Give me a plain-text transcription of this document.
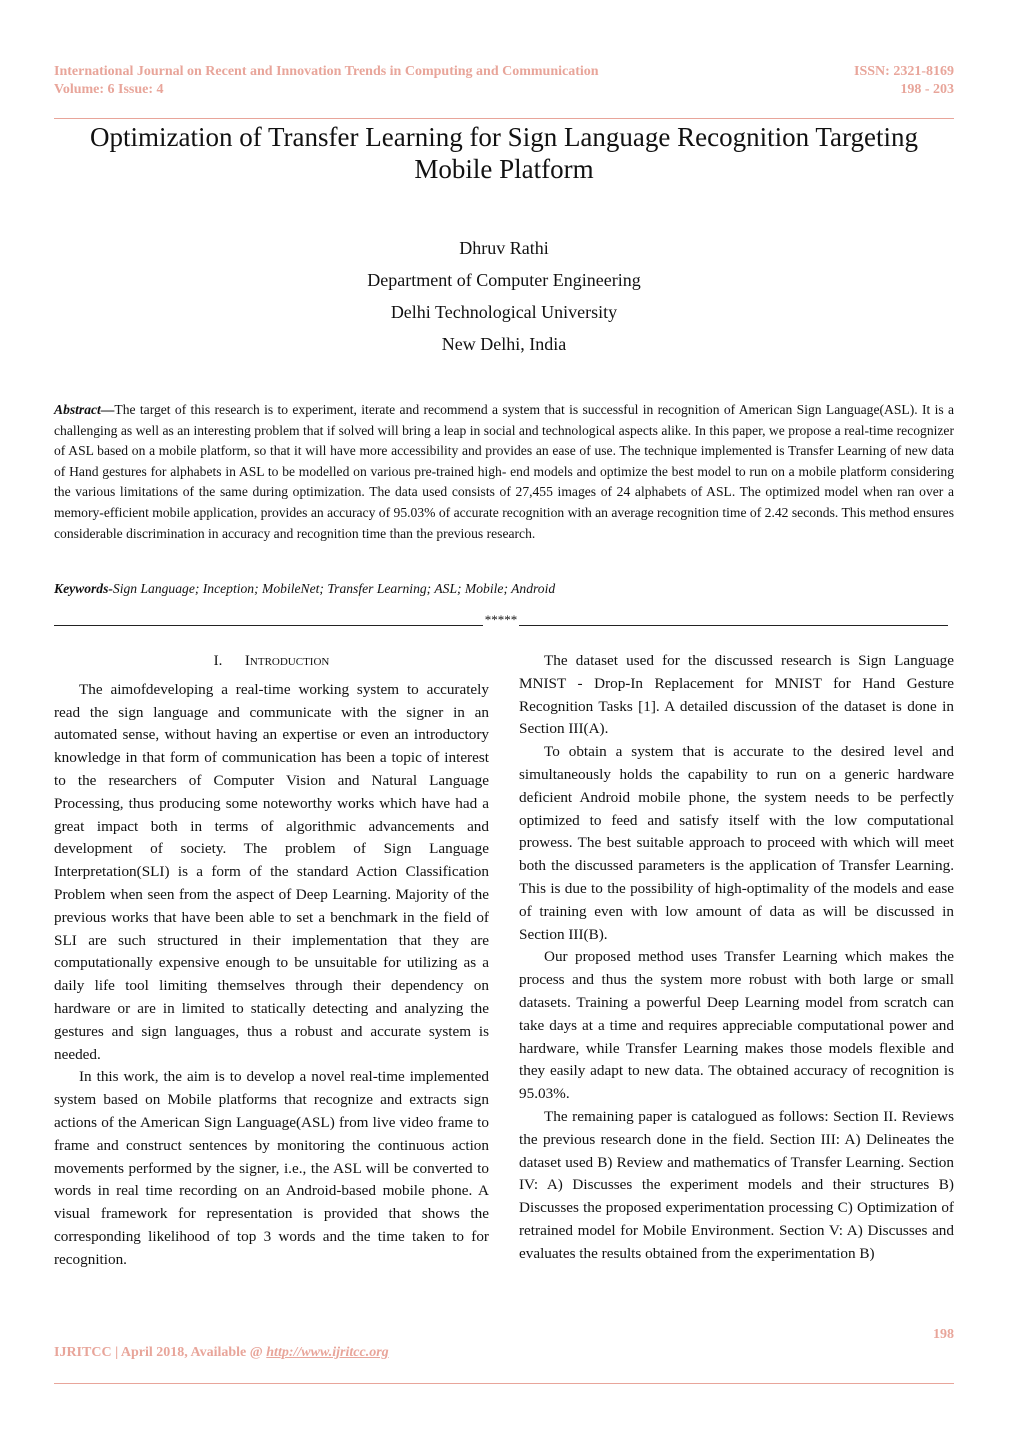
International Journal on Recent and Innovation Trends in Computing and Communication	ISSN: 2321-8169
Volume: 6 Issue: 4	198 - 203
Optimization of Transfer Learning for Sign Language Recognition Targeting Mobile Platform
Dhruv Rathi
Department of Computer Engineering
Delhi Technological University
New Delhi, India
Abstract—The target of this research is to experiment, iterate and recommend a system that is successful in recognition of American Sign Language(ASL). It is a challenging as well as an interesting problem that if solved will bring a leap in social and technological aspects alike. In this paper, we propose a real-time recognizer of ASL based on a mobile platform, so that it will have more accessibility and provides an ease of use. The technique implemented is Transfer Learning of new data of Hand gestures for alphabets in ASL to be modelled on various pre-trained high- end models and optimize the best model to run on a mobile platform considering the various limitations of the same during optimization. The data used consists of 27,455 images of 24 alphabets of ASL. The optimized model when ran over a memory-efficient mobile application, provides an accuracy of 95.03% of accurate recognition with an average recognition time of 2.42 seconds. This method ensures considerable discrimination in accuracy and recognition time than the previous research.
Keywords-Sign Language; Inception; MobileNet; Transfer Learning; ASL; Mobile; Android
*****

I. Introduction

The aimofdeveloping a real-time working system to accurately read the sign language and communicate with the signer in an automated sense, without having an expertise or even an introductory knowledge in that form of communication has been a topic of interest to the researchers of Computer Vision and Natural Language Processing, thus producing some noteworthy works which have had a great impact both in terms of algorithmic advancements and development of society. The problem of Sign Language Interpretation(SLI) is a form of the standard Action Classification Problem when seen from the aspect of Deep Learning. Majority of the previous works that have been able to set a benchmark in the field of SLI are such structured in their implementation that they are computationally expensive enough to be unsuitable for utilizing as a daily life tool limiting themselves through their dependency on hardware or are in limited to statically detecting and analyzing the gestures and sign languages, thus a robust and accurate system is needed.

In this work, the aim is to develop a novel real-time implemented system based on Mobile platforms that recognize and extracts sign actions of the American Sign Language(ASL) from live video frame to frame and construct sentences by monitoring the continuous action movements performed by the signer, i.e., the ASL will be converted to words in real time recording on an Android-based mobile phone. A visual framework for representation is provided that shows the corresponding likelihood of top 3 words and the time taken to for recognition.

The dataset used for the discussed research is Sign Language MNIST - Drop-In Replacement for MNIST for Hand Gesture Recognition Tasks [1]. A detailed discussion of the dataset is done in Section III(A).

To obtain a system that is accurate to the desired level and simultaneously holds the capability to run on a generic hardware deficient Android mobile phone, the system needs to be perfectly optimized to feed and satisfy itself with the low computational prowess. The best suitable approach to proceed with which will meet both the discussed parameters is the application of Transfer Learning. This is due to the possibility of high-optimality of the models and ease of training even with low amount of data as will be discussed in Section III(B).

Our proposed method uses Transfer Learning which makes the process and thus the system more robust with both large or small datasets. Training a powerful Deep Learning model from scratch can take days at a time and requires appreciable computational power and hardware, while Transfer Learning makes those models flexible and they easily adapt to new data. The obtained accuracy of recognition is 95.03%.

The remaining paper is catalogued as follows: Section II. Reviews the previous research done in the field. Section III: A) Delineates the dataset used B) Review and mathematics of Transfer Learning. Section IV: A) Discusses the experiment models and their structures B) Discusses the proposed experimentation processing C) Optimization of retrained model for Mobile Environment. Section V: A) Discusses and evaluates the results obtained from the experimentation B)

198
IJRITCC | April 2018, Available @ http://www.ijritcc.org
